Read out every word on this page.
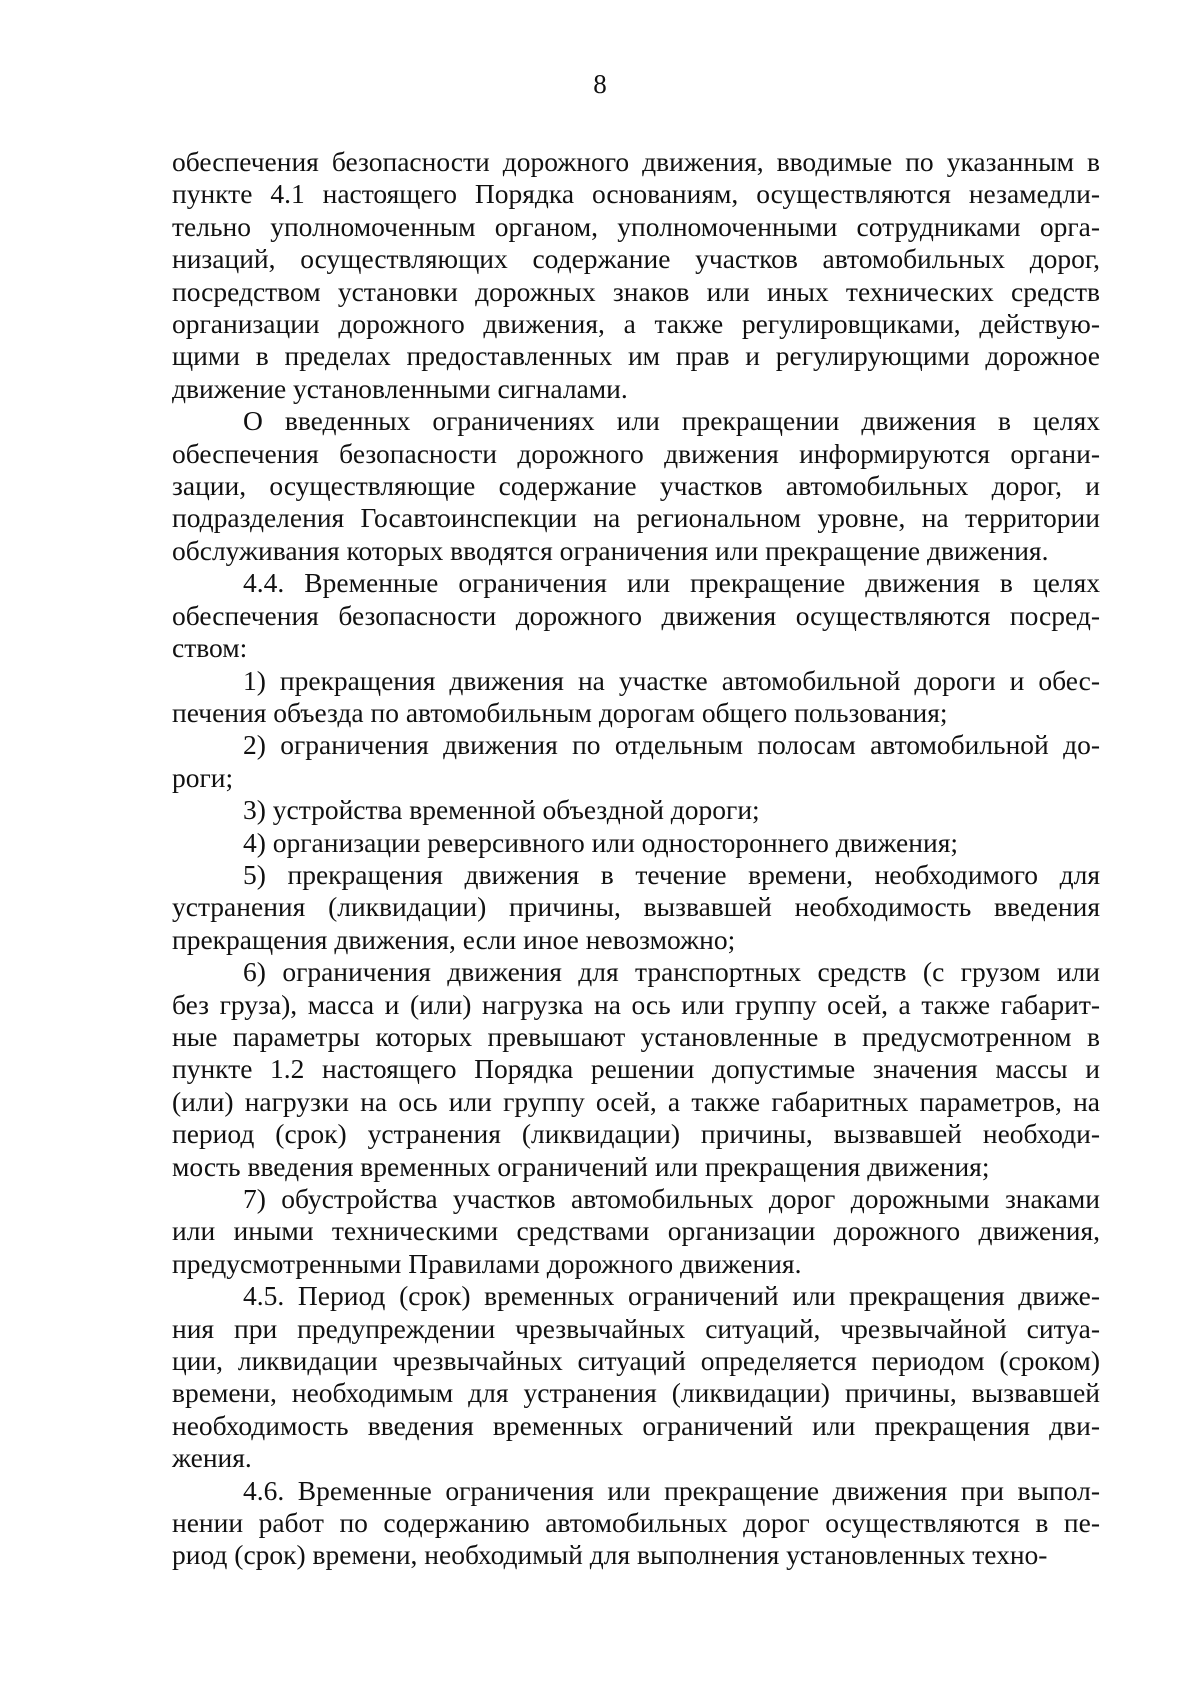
8
обеспечения безопасности дорожного движения, вводимые по указанным в
пункте 4.1 настоящего Порядка основаниям, осуществляются незамедли-
тельно уполномоченным органом, уполномоченными сотрудниками орга-
низаций, осуществляющих содержание участков автомобильных дорог,
посредством установки дорожных знаков или иных технических средств
организации дорожного движения, а также регулировщиками, действую-
щими в пределах предоставленных им прав и регулирующими дорожное
движение установленными сигналами.
О введенных ограничениях или прекращении движения в целях
обеспечения безопасности дорожного движения информируются органи-
зации, осуществляющие содержание участков автомобильных дорог, и
подразделения Госавтоинспекции на региональном уровне, на территории
обслуживания которых вводятся ограничения или прекращение движения.
4.4. Временные ограничения или прекращение движения в целях
обеспечения безопасности дорожного движения осуществляются посред-
ством:
1) прекращения движения на участке автомобильной дороги и обес-
печения объезда по автомобильным дорогам общего пользования;
2) ограничения движения по отдельным полосам автомобильной до-
роги;
3) устройства временной объездной дороги;
4) организации реверсивного или одностороннего движения;
5) прекращения движения в течение времени, необходимого для
устранения (ликвидации) причины, вызвавшей необходимость введения
прекращения движения, если иное невозможно;
6) ограничения движения для транспортных средств (с грузом или
без груза), масса и (или) нагрузка на ось или группу осей, а также габарит-
ные параметры которых превышают установленные в предусмотренном в
пункте 1.2 настоящего Порядка решении допустимые значения массы и
(или) нагрузки на ось или группу осей, а также габаритных параметров, на
период (срок) устранения (ликвидации) причины, вызвавшей необходи-
мость введения временных ограничений или прекращения движения;
7) обустройства участков автомобильных дорог дорожными знаками
или иными техническими средствами организации дорожного движения,
предусмотренными Правилами дорожного движения.
4.5. Период (срок) временных ограничений или прекращения движе-
ния при предупреждении чрезвычайных ситуаций, чрезвычайной ситуа-
ции, ликвидации чрезвычайных ситуаций определяется периодом (сроком)
времени, необходимым для устранения (ликвидации) причины, вызвавшей
необходимость введения временных ограничений или прекращения дви-
жения.
4.6. Временные ограничения или прекращение движения при выпол-
нении работ по содержанию автомобильных дорог осуществляются в пе-
риод (срок) времени, необходимый для выполнения установленных техно-
